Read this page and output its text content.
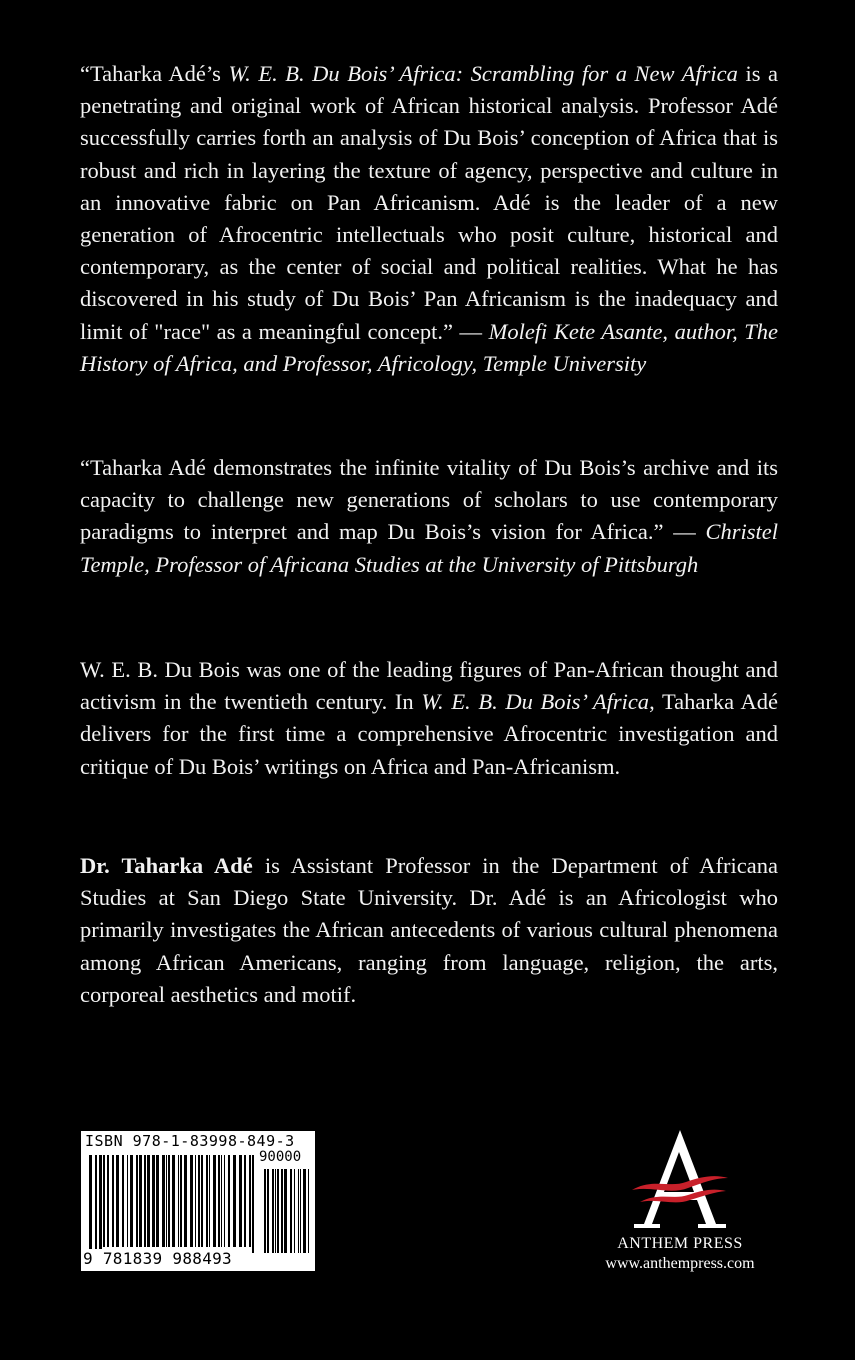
“Taharka Adé’s W. E. B. Du Bois’ Africa: Scrambling for a New Africa is a penetrating and original work of African historical analysis. Professor Adé successfully carries forth an analysis of Du Bois’ conception of Africa that is robust and rich in layering the texture of agency, perspective and culture in an innovative fabric on Pan Africanism. Adé is the leader of a new generation of Afrocentric intellectuals who posit culture, historical and contemporary, as the center of social and political realities. What he has discovered in his study of Du Bois’ Pan Africanism is the inadequacy and limit of "race" as a meaningful concept.” — Molefi Kete Asante, author, The History of Africa, and Professor, Africology, Temple University
“Taharka Adé demonstrates the infinite vitality of Du Bois’s archive and its capacity to challenge new generations of scholars to use contemporary paradigms to interpret and map Du Bois’s vision for Africa.” — Christel Temple, Professor of Africana Studies at the University of Pittsburgh
W. E. B. Du Bois was one of the leading figures of Pan-African thought and activism in the twentieth century. In W. E. B. Du Bois’ Africa, Taharka Adé delivers for the first time a comprehensive Afrocentric investigation and critique of Du Bois’ writings on Africa and Pan-Africanism.
Dr. Taharka Adé is Assistant Professor in the Department of Africana Studies at San Diego State University. Dr. Adé is an Africologist who primarily investigates the African antecedents of various cultural phenomena among African Americans, ranging from language, religion, the arts, corporeal aesthetics and motif.
ISBN 978-1-83998-849-3
90000
9 781839 988493
ANTHEM PRESS
www.anthempress.com
